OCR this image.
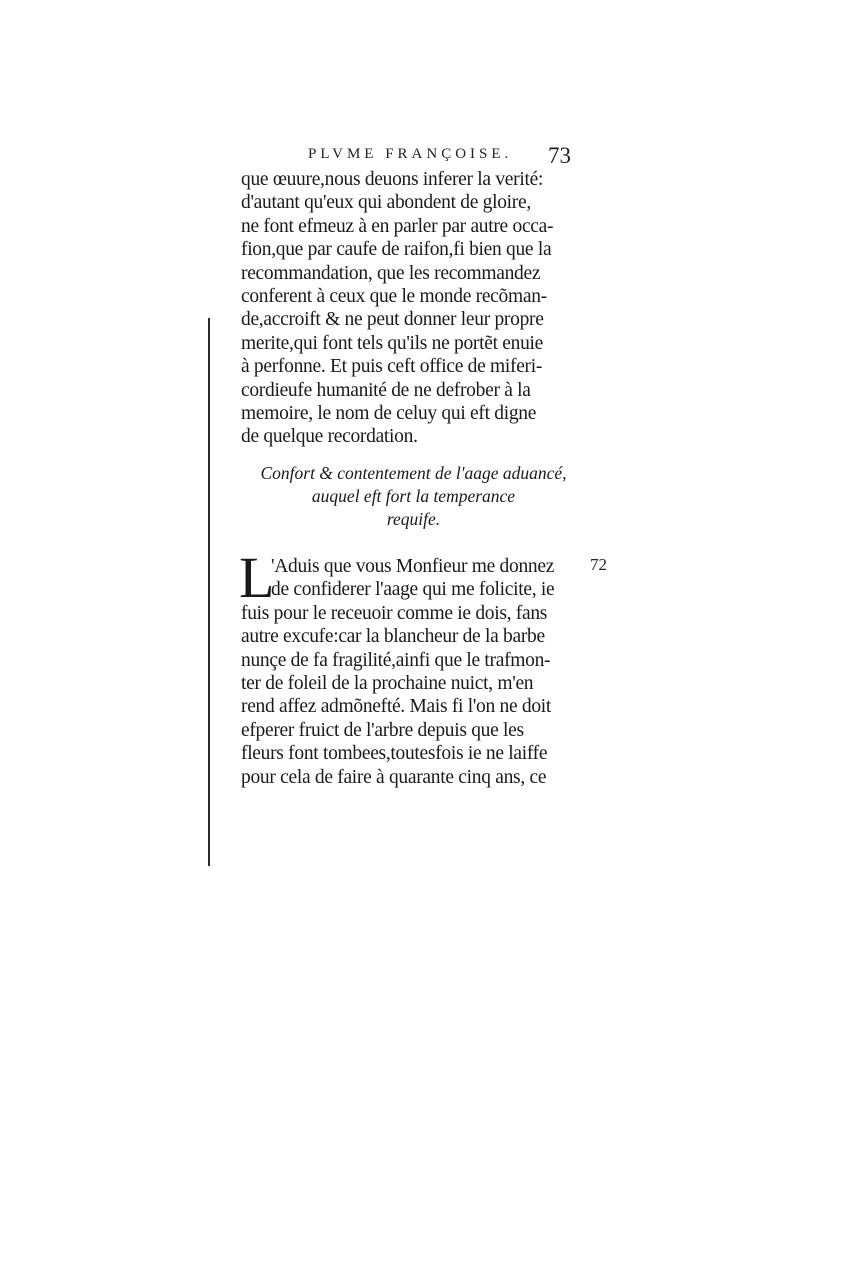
PLVME FRANÇOISE. 73
que œuure,nous deuons inferer la verité:
d'autant qu'eux qui abondent de gloire,
ne font efmeuz à en parler par autre occa-
fion,que par caufe de raifon,fi bien que la
recommandation, que les recommandez
conferent à ceux que le monde recõman-
de,accroift & ne peut donner leur propre
merite,qui font tels qu'ils ne portẽt enuie
à perfonne. Et puis ceft office de miferi-
cordieufe humanité de ne defrober à la
memoire, le nom de celuy qui eft digne
de quelque recordation.
Confort & contentement de l'aage aduancé,
auquel eft fort la temperance
requife.
L	72
'Aduis que vous Monfieur me donnez
de confiderer l'aage qui me folicite, ie
fuis pour le receuoir comme ie dois, fans
autre excufe:car la blancheur de la barbe
nunçe de fa fragilité,ainfi que le trafmon-
ter de foleil de la prochaine nuict, m'en
rend affez admõnefté. Mais fi l'on ne doit
efperer fruict de l'arbre depuis que les
fleurs font tombees,toutesfois ie ne laiffe
pour cela de faire à quarante cinq ans, ce
